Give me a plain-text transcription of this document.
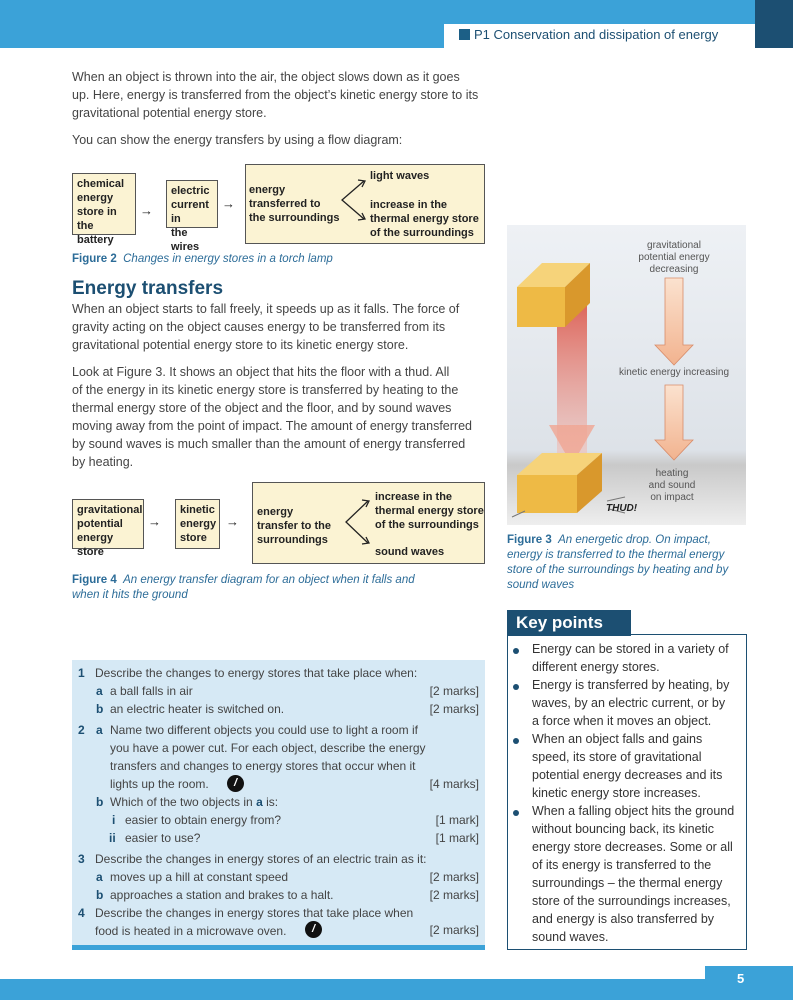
P1 Conservation and dissipation of energy
When an object is thrown into the air, the object slows down as it goes
up. Here, energy is transferred from the object’s kinetic energy store to its
gravitational potential energy store.
You can show the energy transfers by using a flow diagram:
chemical
energy
store in the
battery
→
electric
current in
the wires
→
energy
transferred to
the surroundings
light waves
increase in the
thermal energy store
of the surroundings
Figure 2 Changes in energy stores in a torch lamp
Energy transfers
When an object starts to fall freely, it speeds up as it falls. The force of
gravity acting on the object causes energy to be transferred from its
gravitational potential energy store to its kinetic energy store.
Look at Figure 3. It shows an object that hits the floor with a thud. All
of the energy in its kinetic energy store is transferred by heating to the
thermal energy store of the object and the floor, and by sound waves
moving away from the point of impact. The amount of energy transferred
by sound waves is much smaller than the amount of energy transferred
by heating.
gravitational
potential
energy store
→
kinetic
energy
store
→
energy
transfer to the
surroundings
increase in the
thermal energy store
of the surroundings
sound waves
Figure 4 An energy transfer diagram for an object when it falls and
when it hits the ground
gravitational
potential energy
decreasing
kinetic energy increasing
heating
and sound
on impact
THUD!
Figure 3 An energetic drop. On impact,
energy is transferred to the thermal energy
store of the surroundings by heating and by
sound waves
1 Describe the changes to energy stores that take place when:
a a ball falls in air	[2 marks]
b an electric heater is switched on.	[2 marks]
2 a Name two different objects you could use to light a room if
you have a power cut. For each object, describe the energy
transfers and changes to energy stores that occur when it
lights up the room.	/	[4 marks]
b Which of the two objects in a is:
i easier to obtain energy from?	[1 mark]
ii easier to use?	[1 mark]
3 Describe the changes in energy stores of an electric train as it:
a moves up a hill at constant speed	[2 marks]
b approaches a station and brakes to a halt.	[2 marks]
4 Describe the changes in energy stores that take place when
food is heated in a microwave oven.	/	[2 marks]
Key points
Energy can be stored in a variety of
different energy stores.
Energy is transferred by heating, by
waves, by an electric current, or by
a force when it moves an object.
When an object falls and gains
speed, its store of gravitational
potential energy decreases and its
kinetic energy store increases.
When a falling object hits the ground
without bouncing back, its kinetic
energy store decreases. Some or all
of its energy is transferred to the
surroundings – the thermal energy
store of the surroundings increases,
and energy is also transferred by
sound waves.
5
